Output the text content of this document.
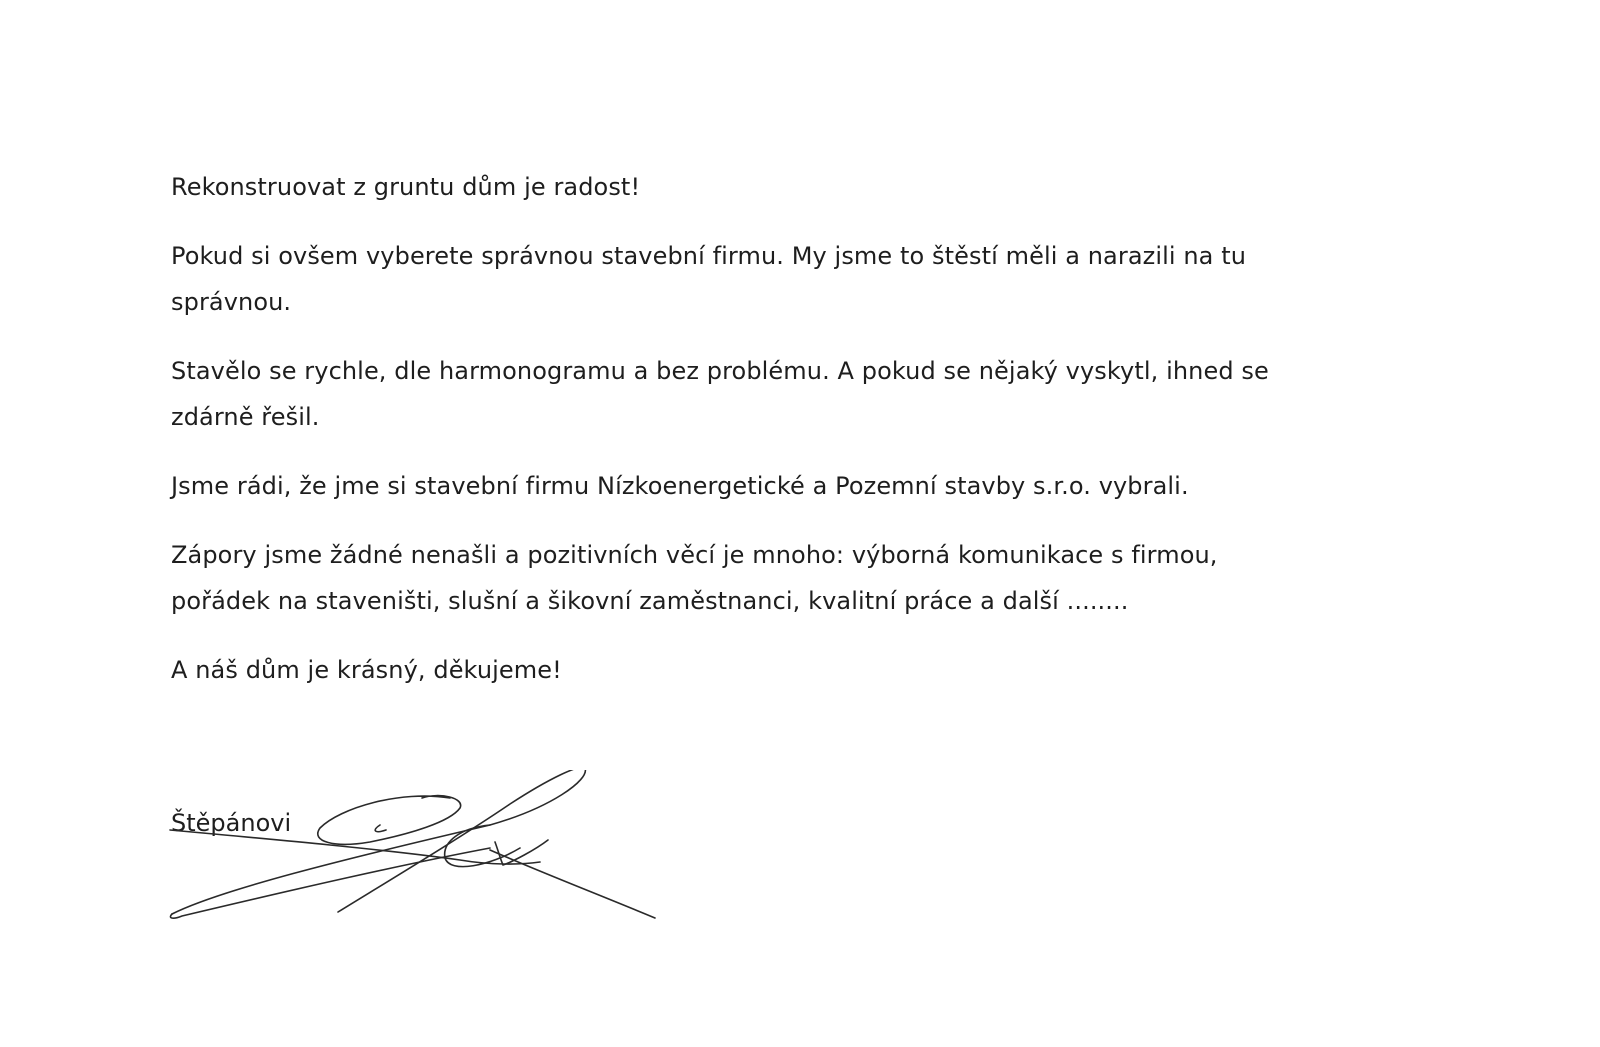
Rekonstruovat z gruntu dům je radost!

Pokud si ovšem vyberete správnou stavební firmu. My jsme to štěstí měli a narazili na tu
správnou.

Stavělo se rychle, dle harmonogramu a bez problému. A pokud se nějaký vyskytl, ihned se
zdárně řešil.

Jsme rádi, že jme si stavební firmu Nízkoenergetické a Pozemní stavby s.r.o. vybrali.

Zápory jsme žádné nenašli a pozitivních věcí je mnoho: výborná komunikace s firmou,
pořádek na staveništi, slušní a šikovní zaměstnanci, kvalitní práce a další ........

A náš dům je krásný, děkujeme!

Štěpánovi
